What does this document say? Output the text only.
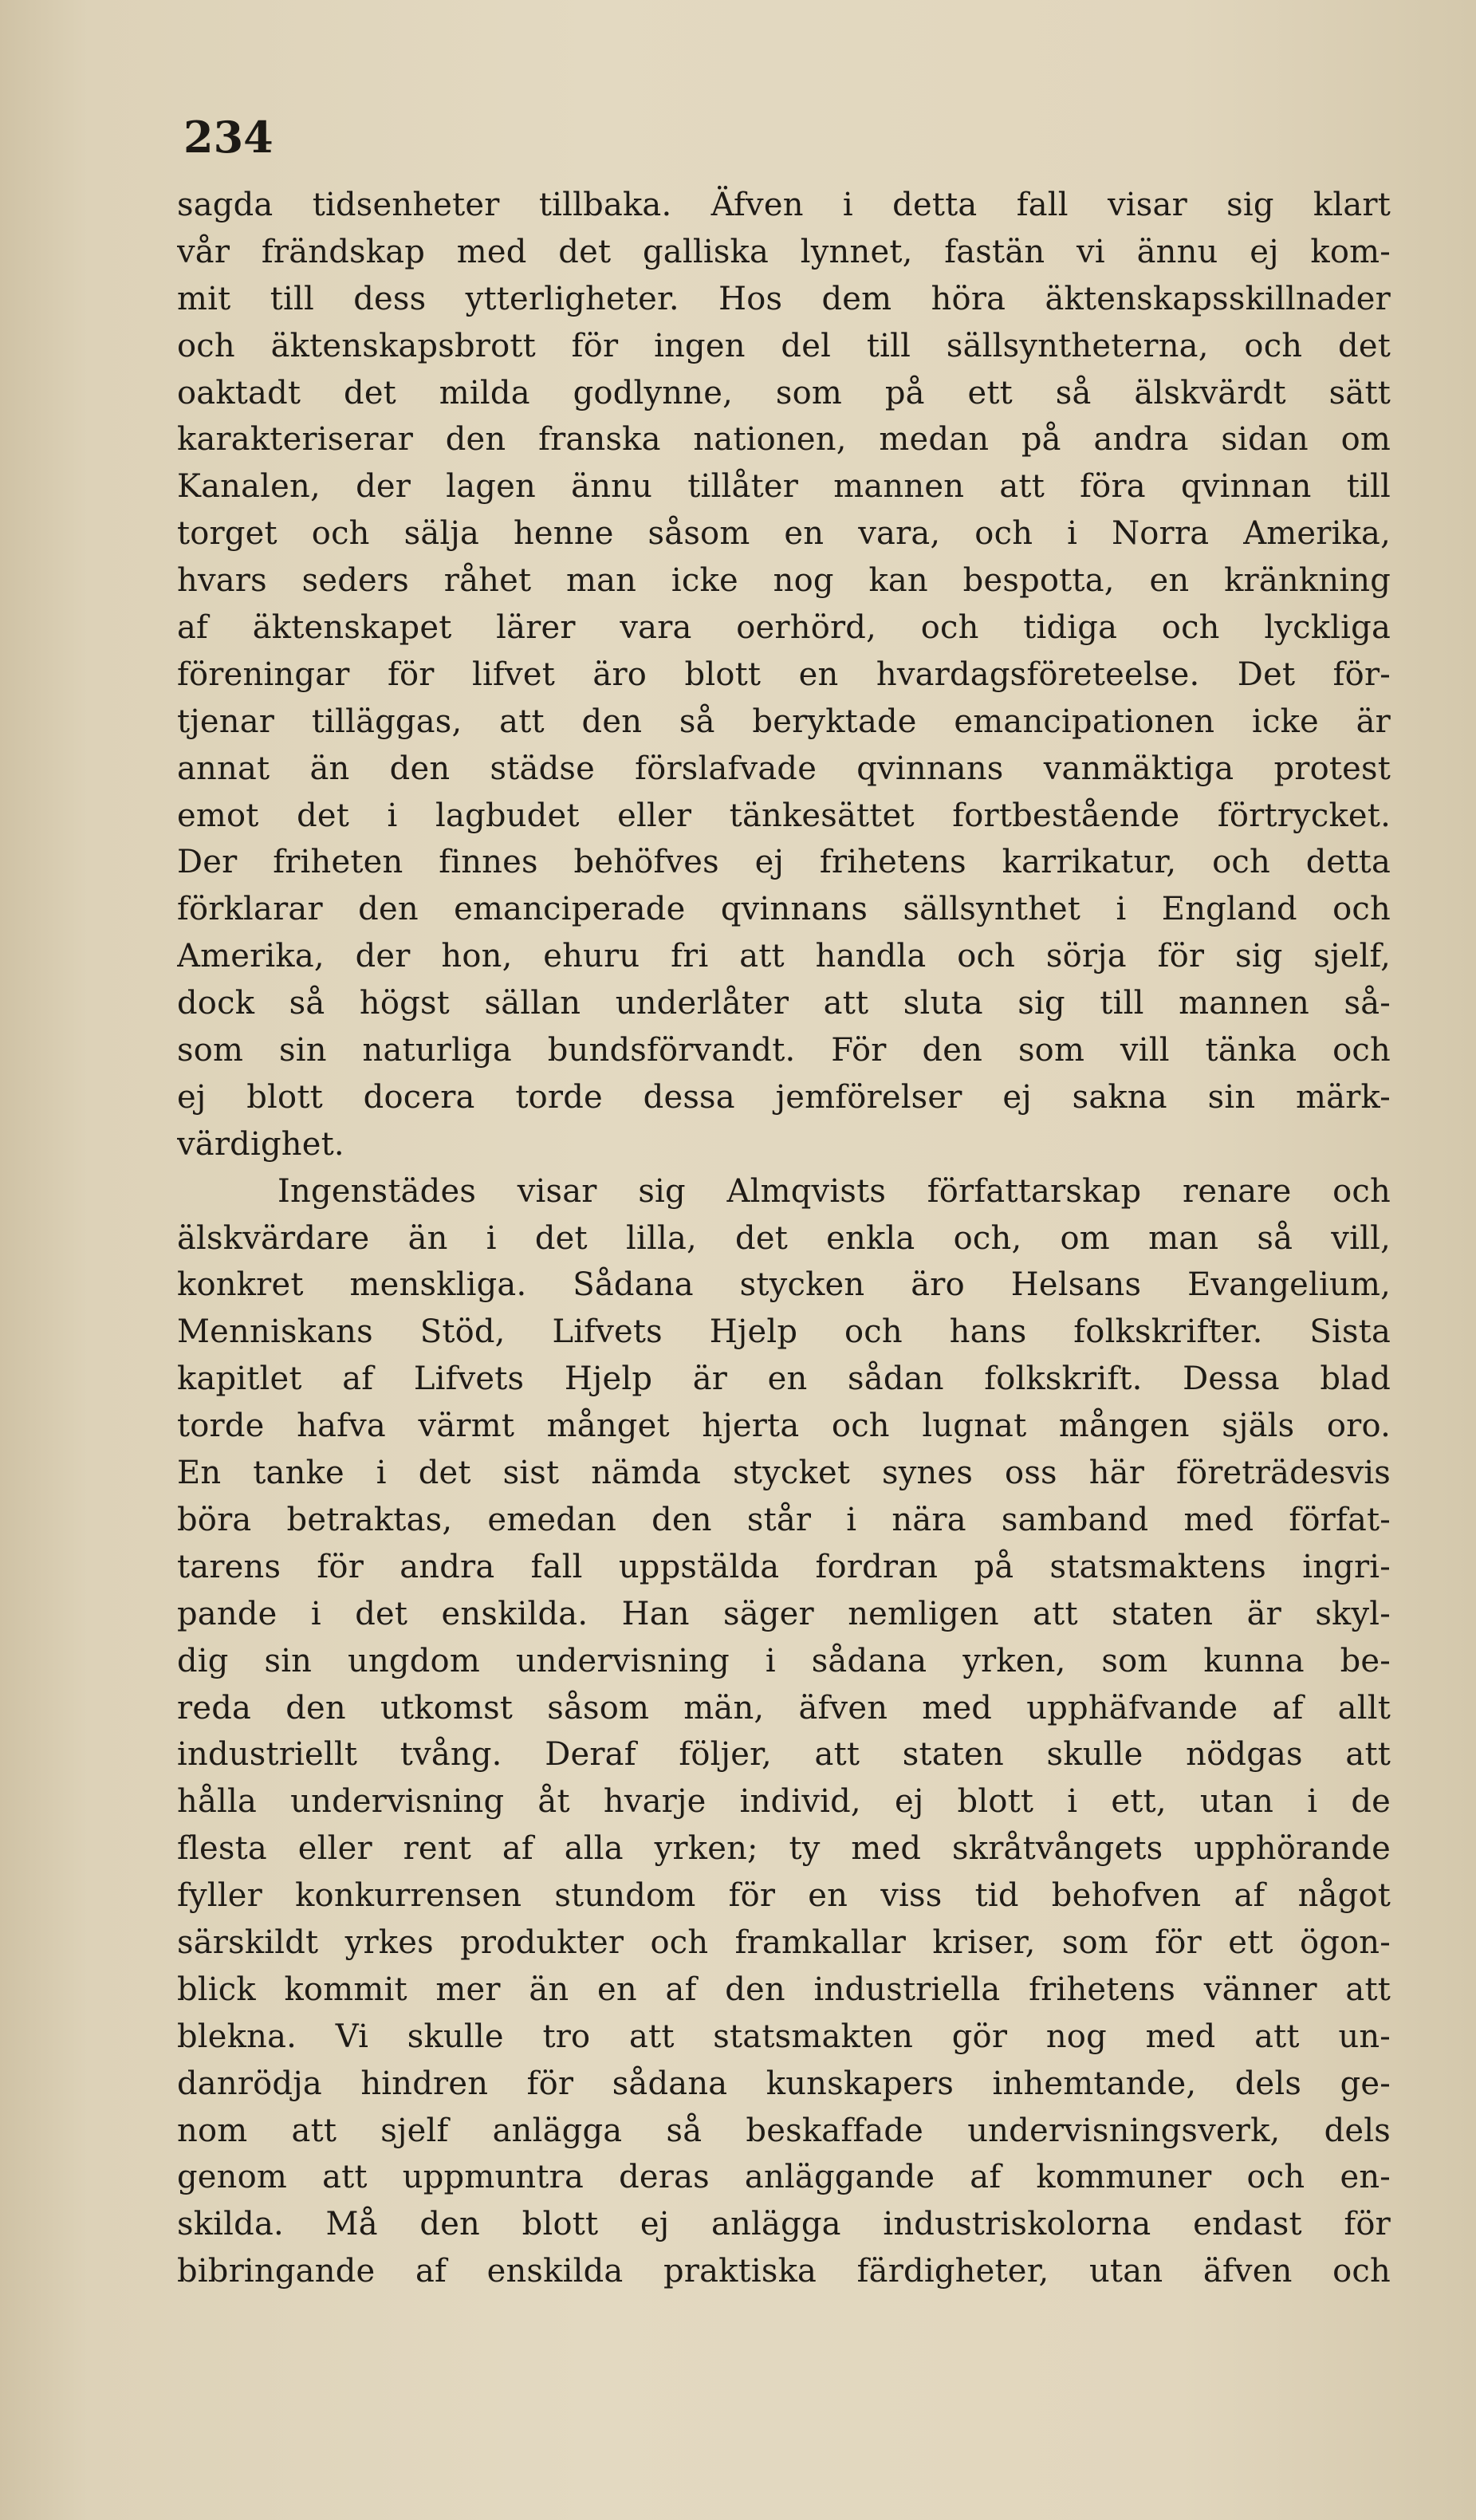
234

sagda tidsenheter tillbaka. Äfven i detta fall visar sig klart
vår frändskap med det galliska lynnet, fastän vi ännu ej kom-
mit till dess ytterligheter. Hos dem höra äktenskapsskillnader
och äktenskapsbrott för ingen del till sällsyntheterna, och det
oaktadt det milda godlynne, som på ett så älskvärdt sätt
karakteriserar den franska nationen, medan på andra sidan om
Kanalen, der lagen ännu tillåter mannen att föra qvinnan till
torget och sälja henne såsom en vara, och i Norra Amerika,
hvars seders råhet man icke nog kan bespotta, en kränkning
af äktenskapet lärer vara oerhörd, och tidiga och lyckliga
föreningar för lifvet äro blott en hvardagsföreteelse. Det för-
tjenar tilläggas, att den så beryktade emancipationen icke är
annat än den städse förslafvade qvinnans vanmäktiga protest
emot det i lagbudet eller tänkesättet fortbestående förtrycket.
Der friheten finnes behöfves ej frihetens karrikatur, och detta
förklarar den emanciperade qvinnans sällsynthet i England och
Amerika, der hon, ehuru fri att handla och sörja för sig sjelf,
dock så högst sällan underlåter att sluta sig till mannen så-
som sin naturliga bundsförvandt. För den som vill tänka och
ej blott docera torde dessa jemförelser ej sakna sin märk-
värdighet.
Ingenstädes visar sig Almqvists författarskap renare och
älskvärdare än i det lilla, det enkla och, om man så vill,
konkret menskliga. Sådana stycken äro Helsans Evangelium,
Menniskans Stöd, Lifvets Hjelp och hans folkskrifter. Sista
kapitlet af Lifvets Hjelp är en sådan folkskrift. Dessa blad
torde hafva värmt månget hjerta och lugnat mången själs oro.
En tanke i det sist nämda stycket synes oss här företrädesvis
böra betraktas, emedan den står i nära samband med förfat-
tarens för andra fall uppstälda fordran på statsmaktens ingri-
pande i det enskilda. Han säger nemligen att staten är skyl-
dig sin ungdom undervisning i sådana yrken, som kunna be-
reda den utkomst såsom män, äfven med upphäfvande af allt
industriellt tvång. Deraf följer, att staten skulle nödgas att
hålla undervisning åt hvarje individ, ej blott i ett, utan i de
flesta eller rent af alla yrken; ty med skråtvångets upphörande
fyller konkurrensen stundom för en viss tid behofven af något
särskildt yrkes produkter och framkallar kriser, som för ett ögon-
blick kommit mer än en af den industriella frihetens vänner att
blekna. Vi skulle tro att statsmakten gör nog med att un-
danrödja hindren för sådana kunskapers inhemtande, dels ge-
nom att sjelf anlägga så beskaffade undervisningsverk, dels
genom att uppmuntra deras anläggande af kommuner och en-
skilda. Må den blott ej anlägga industriskolorna endast för
bibringande af enskilda praktiska färdigheter, utan äfven och
